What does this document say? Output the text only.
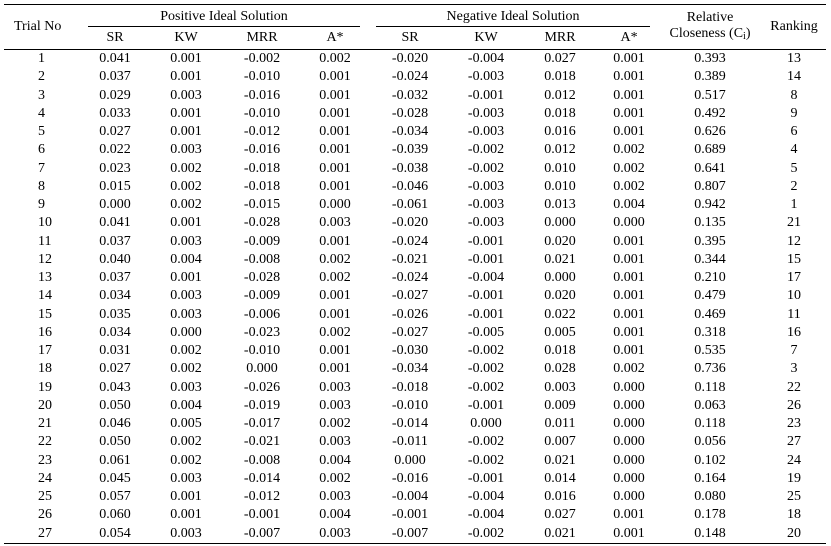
Trial No	Positive Ideal Solution				Negative Ideal Solution				Relative
Closeness $(C_i)$	Ranking
	SR	KW	MRR	A*	SR	KW	MRR	A*		
1	0.041	0.001	-0.002	0.002	-0.020	-0.004	0.027	0.001	0.393	13
2	0.037	0.001	-0.010	0.001	-0.024	-0.003	0.018	0.001	0.389	14
3	0.029	0.003	-0.016	0.001	-0.032	-0.001	0.012	0.001	0.517	8
4	0.033	0.001	-0.010	0.001	-0.028	-0.003	0.018	0.001	0.492	9
5	0.027	0.001	-0.012	0.001	-0.034	-0.003	0.016	0.001	0.626	6
6	0.022	0.003	-0.016	0.001	-0.039	-0.002	0.012	0.002	0.689	4
7	0.023	0.002	-0.018	0.001	-0.038	-0.002	0.010	0.002	0.641	5
8	0.015	0.002	-0.018	0.001	-0.046	-0.003	0.010	0.002	0.807	2
9	0.000	0.002	-0.015	0.000	-0.061	-0.003	0.013	0.004	0.942	1
10	0.041	0.001	-0.028	0.003	-0.020	-0.003	0.000	0.000	0.135	21
11	0.037	0.003	-0.009	0.001	-0.024	-0.001	0.020	0.001	0.395	12
12	0.040	0.004	-0.008	0.002	-0.021	-0.001	0.021	0.001	0.344	15
13	0.037	0.001	-0.028	0.002	-0.024	-0.004	0.000	0.001	0.210	17
14	0.034	0.003	-0.009	0.001	-0.027	-0.001	0.020	0.001	0.479	10
15	0.035	0.003	-0.006	0.001	-0.026	-0.001	0.022	0.001	0.469	11
16	0.034	0.000	-0.023	0.002	-0.027	-0.005	0.005	0.001	0.318	16
17	0.031	0.002	-0.010	0.001	-0.030	-0.002	0.018	0.001	0.535	7
18	0.027	0.002	0.000	0.001	-0.034	-0.002	0.028	0.002	0.736	3
19	0.043	0.003	-0.026	0.003	-0.018	-0.002	0.003	0.000	0.118	22
20	0.050	0.004	-0.019	0.003	-0.010	-0.001	0.009	0.000	0.063	26
21	0.046	0.005	-0.017	0.002	-0.014	0.000	0.011	0.000	0.118	23
22	0.050	0.002	-0.021	0.003	-0.011	-0.002	0.007	0.000	0.056	27
23	0.061	0.002	-0.008	0.004	0.000	-0.002	0.021	0.000	0.102	24
24	0.045	0.003	-0.014	0.002	-0.016	-0.001	0.014	0.000	0.164	19
25	0.057	0.001	-0.012	0.003	-0.004	-0.004	0.016	0.000	0.080	25
26	0.060	0.001	-0.001	0.004	-0.001	-0.004	0.027	0.001	0.178	18
27	0.054	0.003	-0.007	0.003	-0.007	-0.002	0.021	0.001	0.148	20
